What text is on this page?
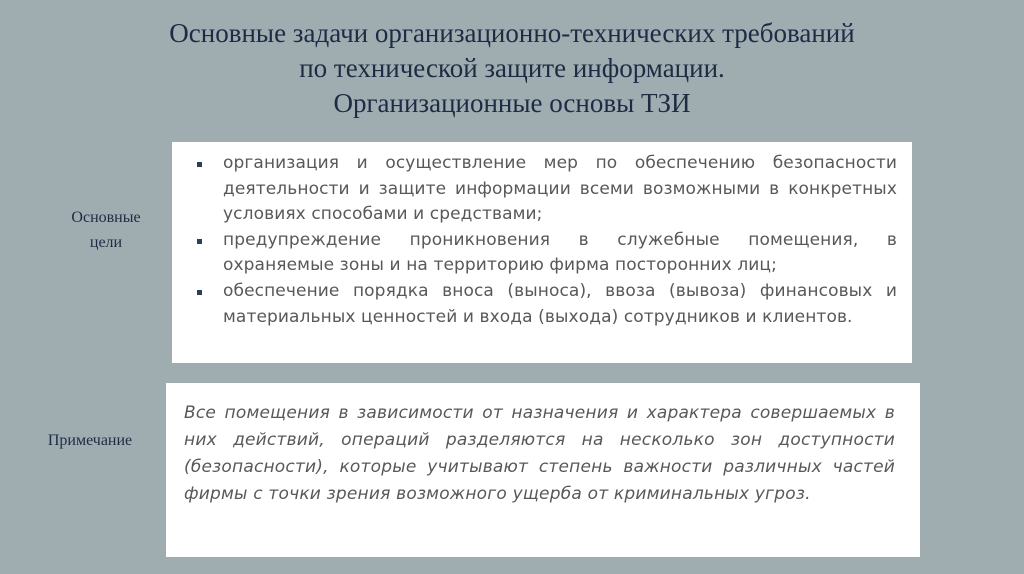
Основные задачи организационно-технических требований
по технической защите информации.
Организационные основы ТЗИ
Основные
цели
организация и осуществление мер по обеспечению безопасности деятельности и защите информации всеми возможными в конкретных условиях способами и средствами;
предупреждение проникновения в служебные помещения, в охраняемые зоны и на территорию фирма посторонних лиц;
обеспечение порядка вноса (выноса), ввоза (вывоза) финансовых и материальных ценностей и входа (выхода) сотрудников и клиентов.
Примечание

Все помещения в зависимости от назначения и характера совершаемых в них действий, операций разделяются на несколько зон доступности (безопасности), которые учитывают степень важности различных частей фирмы с точки зрения возможного ущерба от криминальных угроз.
